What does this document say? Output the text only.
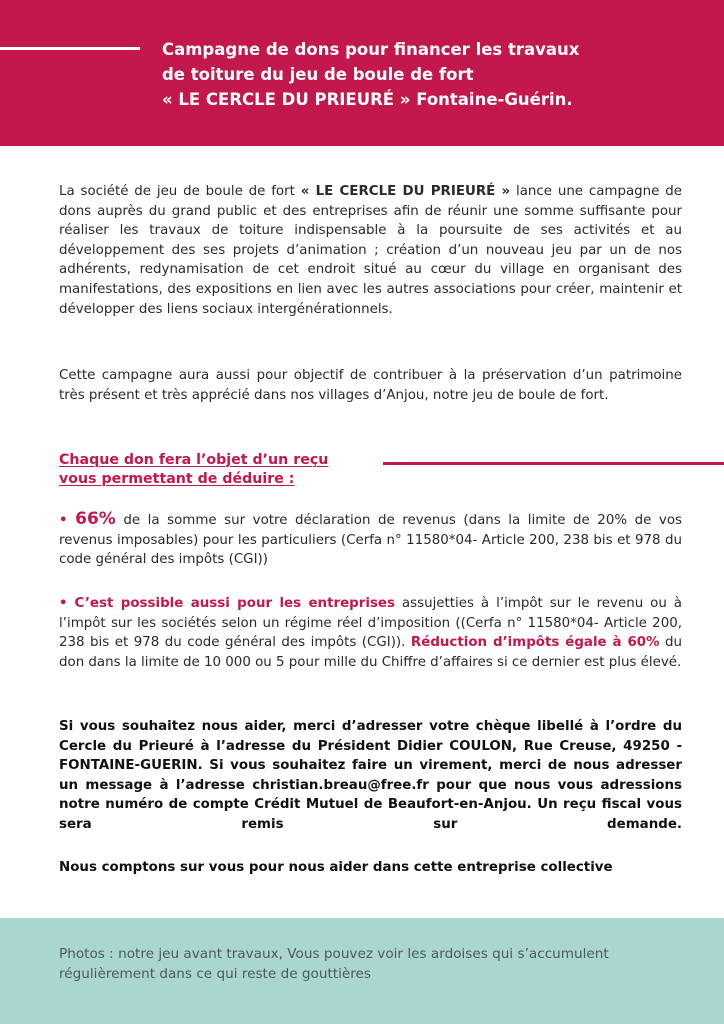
Campagne de dons pour financer les travaux
de toiture du jeu de boule de fort
« LE CERCLE DU PRIEURÉ » Fontaine-Guérin.

La société de jeu de boule de fort « LE CERCLE DU PRIEURÉ » lance une campagne de dons auprès du grand public et des entreprises afin de réunir une somme suffisante pour réaliser les travaux de toiture indispensable à la poursuite de ses activités et au développement des ses projets d’animation ; création d’un nouveau jeu par un de nos adhérents, redynamisation de cet endroit situé au cœur du village en organisant des manifestations, des expositions en lien avec les autres associations pour créer, maintenir et développer des liens sociaux intergénérationnels.

Cette campagne aura aussi pour objectif de contribuer à la préservation d’un patrimoine très présent et très apprécié dans nos villages d’Anjou, notre jeu de boule de fort.

Chaque don fera l’objet d’un reçu
vous permettant de déduire :

• 66% de la somme sur votre déclaration de revenus (dans la limite de 20% de vos revenus imposables) pour les particuliers (Cerfa n° 11580*04- Article 200, 238 bis et 978 du code général des impôts (CGI))

• C’est possible aussi pour les entreprises assujetties à l’impôt sur le revenu ou à l’impôt sur les sociétés selon un régime réel d’imposition ((Cerfa n° 11580*04- Article 200, 238 bis et 978 du code général des impôts (CGI)). Réduction d’impôts égale à 60% du don dans la limite de 10 000 ou 5 pour mille du Chiffre d’affaires si ce dernier est plus élevé.

Si vous souhaitez nous aider, merci d’adresser votre chèque libellé à l’ordre du Cercle du Prieuré à l’adresse du Président Didier COULON, Rue Creuse, 49250 - FONTAINE-GUERIN. Si vous souhaitez faire un virement, merci de nous adresser un message à l’adresse christian.breau@free.fr pour que nous vous adressions notre numéro de compte Crédit Mutuel de Beaufort-en-Anjou. Un reçu fiscal vous sera remis sur demande.

Nous comptons sur vous pour nous aider dans cette entreprise collective
Photos : notre jeu avant travaux, Vous pouvez voir les ardoises qui s’accumulent régulièrement dans ce qui reste de gouttières
